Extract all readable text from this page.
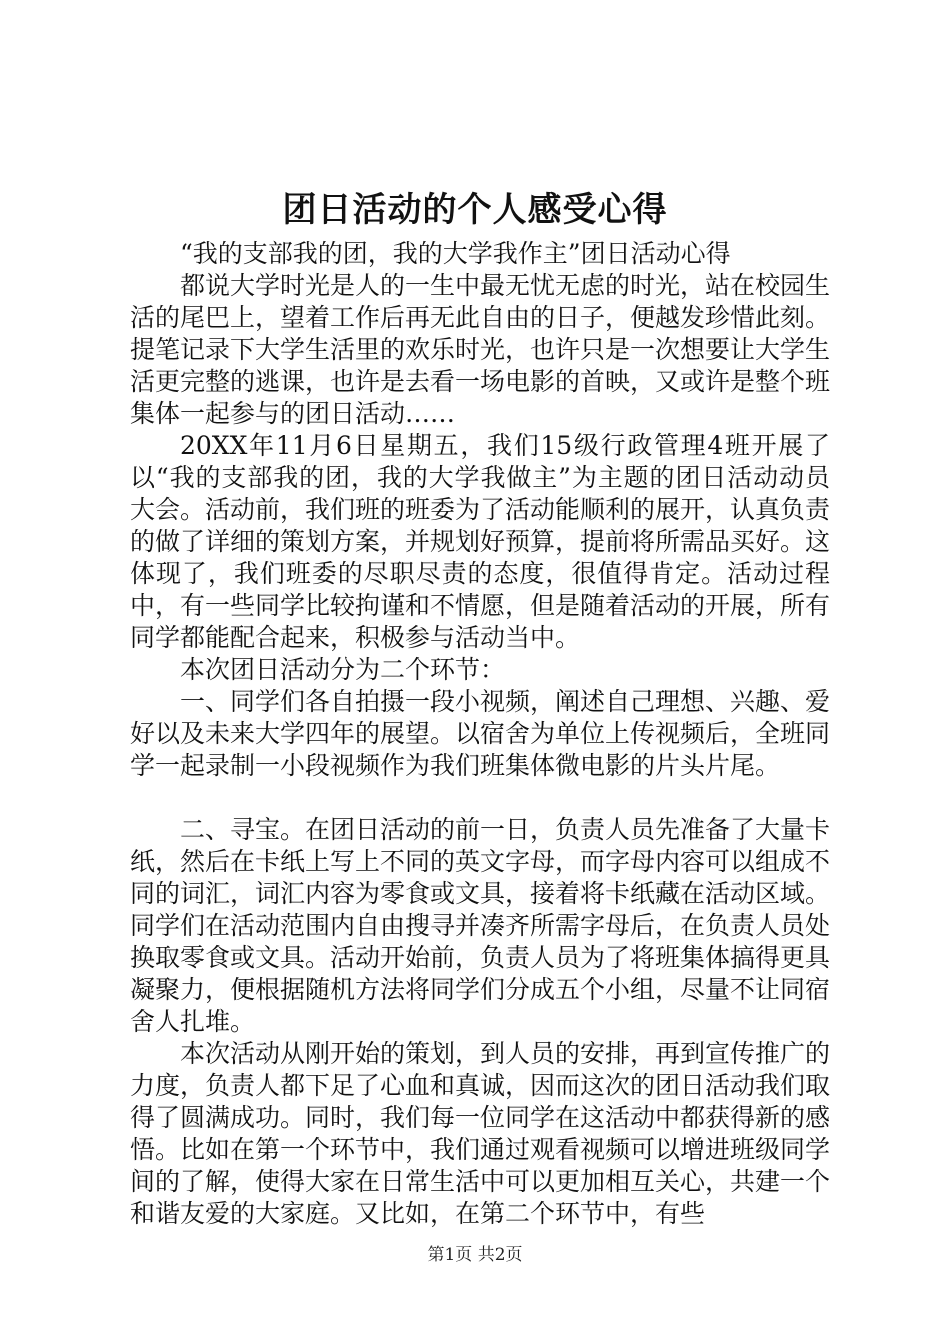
团日活动的个人感受心得

“我的支部我的团，我的大学我作主”团日活动心得

都说大学时光是人的一生中最无忧无虑的时光，站在校园生活的尾巴上，望着工作后再无此自由的日子，便越发珍惜此刻。提笔记录下大学生活里的欢乐时光，也许只是一次想要让大学生活更完整的逃课，也许是去看一场电影的首映，又或许是整个班集体一起参与的团日活动……

20XX年11月6日星期五，我们15级行政管理4班开展了以“我的支部我的团，我的大学我做主”为主题的团日活动动员大会。活动前，我们班的班委为了活动能顺利的展开，认真负责的做了详细的策划方案，并规划好预算，提前将所需品买好。这体现了，我们班委的尽职尽责的态度，很值得肯定。活动过程中，有一些同学比较拘谨和不情愿，但是随着活动的开展，所有同学都能配合起来，积极参与活动当中。

本次团日活动分为二个环节：

一、同学们各自拍摄一段小视频，阐述自己理想、兴趣、爱好以及未来大学四年的展望。以宿舍为单位上传视频后，全班同学一起录制一小段视频作为我们班集体微电影的片头片尾。

二、寻宝。在团日活动的前一日，负责人员先准备了大量卡纸，然后在卡纸上写上不同的英文字母，而字母内容可以组成不同的词汇，词汇内容为零食或文具，接着将卡纸藏在活动区域。同学们在活动范围内自由搜寻并凑齐所需字母后，在负责人员处换取零食或文具。活动开始前，负责人员为了将班集体搞得更具凝聚力，便根据随机方法将同学们分成五个小组，尽量不让同宿舍人扎堆。

本次活动从刚开始的策划，到人员的安排，再到宣传推广的力度，负责人都下足了心血和真诚，因而这次的团日活动我们取得了圆满成功。同时，我们每一位同学在这活动中都获得新的感悟。比如在第一个环节中，我们通过观看视频可以增进班级同学间的了解，使得大家在日常生活中可以更加相互关心，共建一个和谐友爱的大家庭。又比如，在第二个环节中，有些

第1页 共2页
